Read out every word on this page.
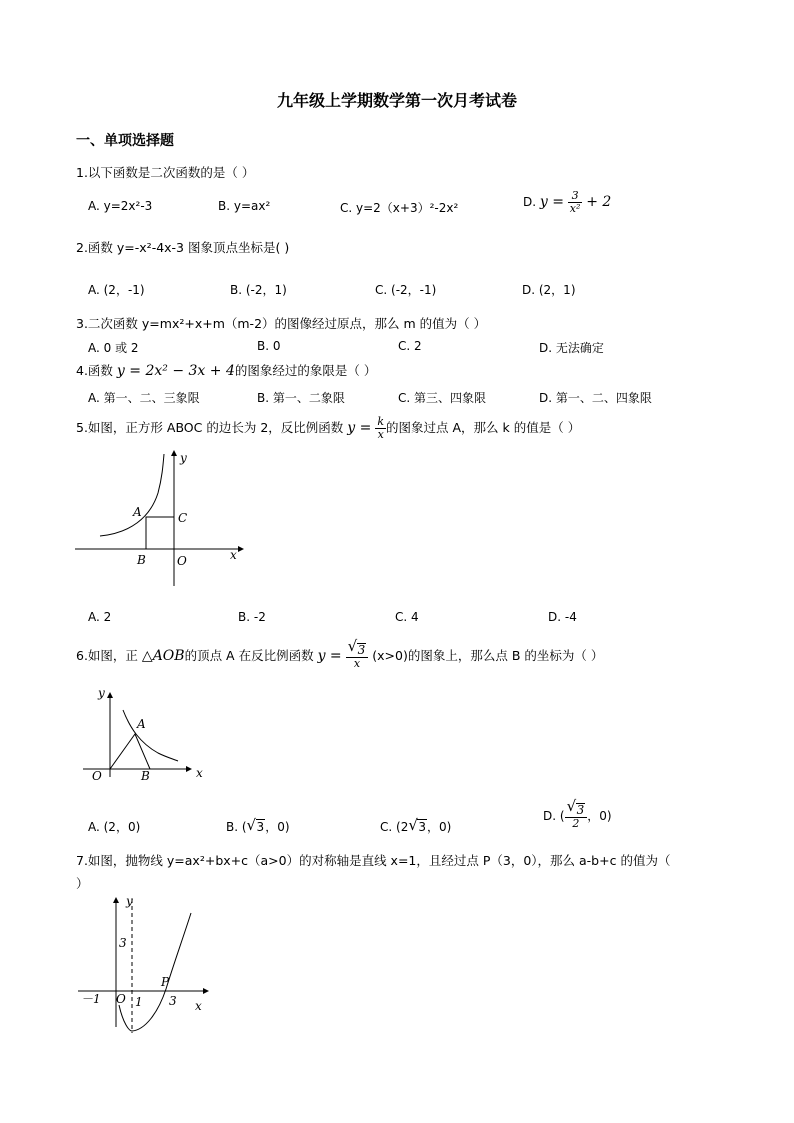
九年级上学期数学第一次月考试卷
一、单项选择题
1.以下函数是二次函数的是（ ）
A. y=2x²-3	B. y=ax²	C. y=2（x+3）²-2x²	D. $y = \frac{3}{\text{x²}} + 2$
2.函数 y=-x²-4x-3 图象顶点坐标是( )
A. (2，-1)	B. (-2，1)	C. (-2，-1)	D. (2，1)
3.二次函数 y=mx²+x+m（m-2）的图像经过原点，那么 m 的值为（ ）
A. 0 或 2	B. 0	C. 2	D. 无法确定
4.函数 y = 2x² − 3x + 4的图象经过的象限是（ ）
A. 第一、二、三象限	B. 第一、二象限	C. 第三、四象限	D. 第一、二、四象限
5.如图，正方形 ABOC 的边长为 2，反比例函数 $y = \frac{k}{x}$ 的图象过点 A，那么 k 的值是（ ）
x
y
A	C
B	O
A. 2	B. -2	C. 4	D. -4
6.如图，正 △AOB的顶点 A 在反比例函数 $y = \frac{√ 3}{x} (x>0)$的图象上，那么点 B 的坐标为（ ）
x
y
A
O	B
A. (2，0)	B. ( √ 3，0)	C. (2 √ 3，0)
D. ( $\frac{√ 3}{2}$ ，0)
7.如图，抛物线 y=ax²+bx+c（a>0）的对称轴是直线 x=1，且经过点 P（3，0），那么 a-b+c 的值为（
）
y
3
－1 O 1 3
P
x
